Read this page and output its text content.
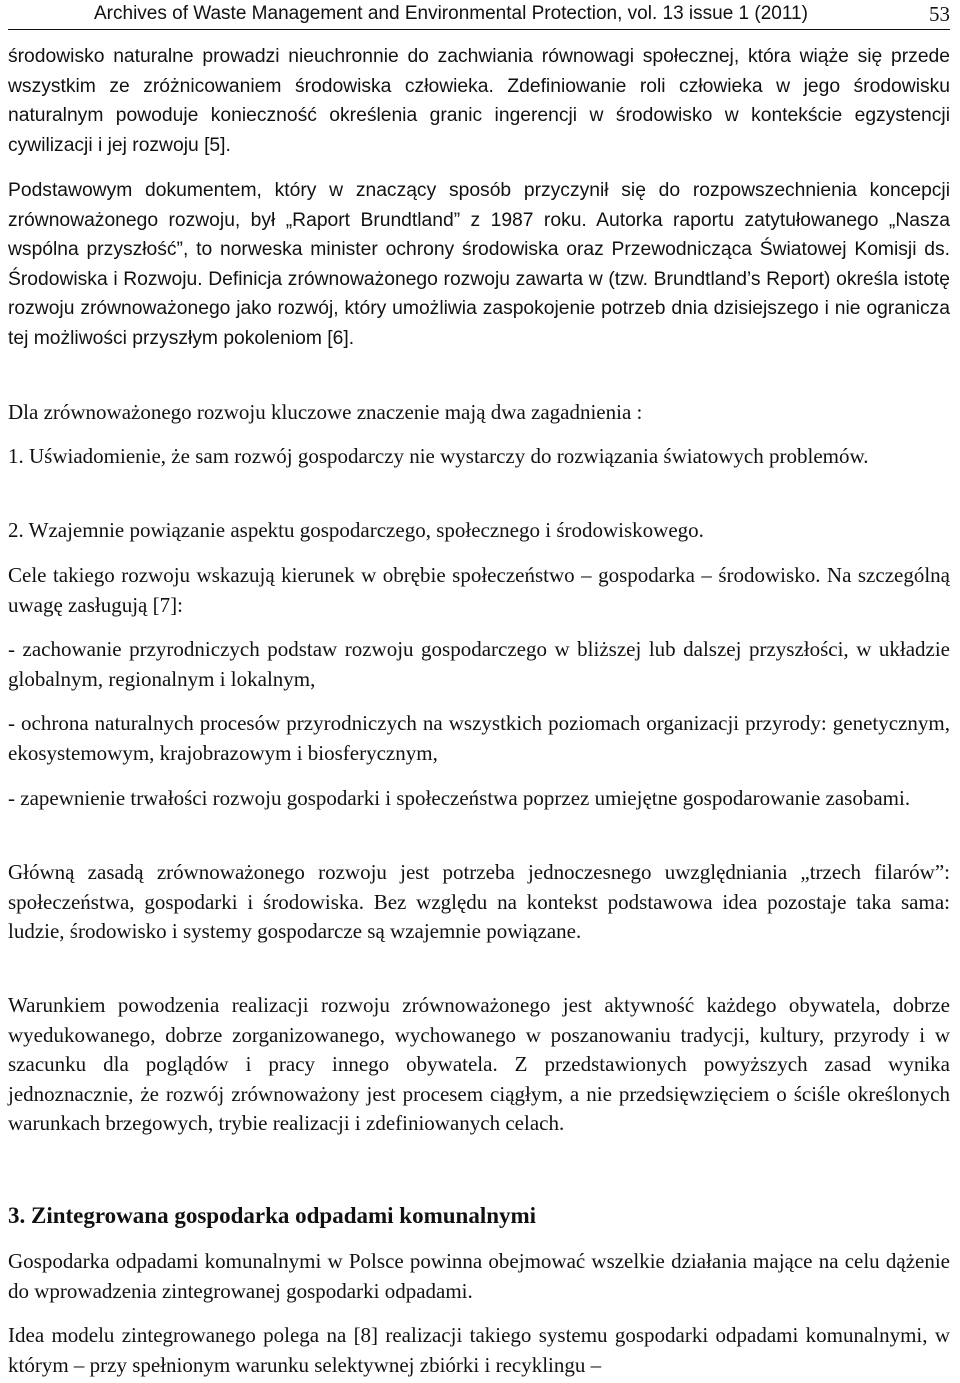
Archives of Waste Management and Environmental Protection, vol. 13 issue 1 (2011)	53

środowisko naturalne prowadzi nieuchronnie do zachwiania równowagi społecznej, która wiąże się przede wszystkim ze zróżnicowaniem środowiska człowieka. Zdefiniowanie roli człowieka w jego środowisku naturalnym powoduje konieczność określenia granic ingerencji w środowisko w kontekście egzystencji cywilizacji i jej rozwoju [5].

Podstawowym dokumentem, który w znaczący sposób przyczynił się do rozpowszechnienia koncepcji zrównoważonego rozwoju, był „Raport Brundtland” z 1987 roku. Autorka raportu zatytułowanego „Nasza wspólna przyszłość”, to norweska minister ochrony środowiska oraz Przewodnicząca Światowej Komisji ds. Środowiska i Rozwoju. Definicja zrównoważonego rozwoju zawarta w (tzw. Brundtland’s Report) określa istotę rozwoju zrównoważonego jako rozwój, który umożliwia zaspokojenie potrzeb dnia dzisiejszego i nie ogranicza tej możliwości przyszłym pokoleniom [6].

Dla zrównoważonego rozwoju kluczowe znaczenie mają dwa zagadnienia :

1. Uświadomienie, że sam rozwój gospodarczy nie wystarczy do rozwiązania światowych problemów.

2. Wzajemnie powiązanie aspektu gospodarczego, społecznego i środowiskowego.

Cele takiego rozwoju wskazują kierunek w obrębie społeczeństwo – gospodarka – środowisko. Na szczególną uwagę zasługują [7]:

- zachowanie przyrodniczych podstaw rozwoju gospodarczego w bliższej lub dalszej przyszłości, w układzie globalnym, regionalnym i lokalnym,

- ochrona naturalnych procesów przyrodniczych na wszystkich poziomach organizacji przyrody: genetycznym, ekosystemowym, krajobrazowym i biosferycznym,

- zapewnienie trwałości rozwoju gospodarki i społeczeństwa poprzez umiejętne gospodarowanie zasobami.

Główną zasadą zrównoważonego rozwoju jest potrzeba jednoczesnego uwzględniania „trzech filarów”: społeczeństwa, gospodarki i środowiska. Bez względu na kontekst podstawowa idea pozostaje taka sama: ludzie, środowisko i systemy gospodarcze są wzajemnie powiązane.

Warunkiem powodzenia realizacji rozwoju zrównoważonego jest aktywność każdego obywatela, dobrze wyedukowanego, dobrze zorganizowanego, wychowanego w poszanowaniu tradycji, kultury, przyrody i w szacunku dla poglądów i pracy innego obywatela. Z przedstawionych powyższych zasad wynika jednoznacznie, że rozwój zrównoważony jest procesem ciągłym, a nie przedsięwzięciem o ściśle określonych warunkach brzegowych, trybie realizacji i zdefiniowanych celach.

3. Zintegrowana gospodarka odpadami komunalnymi

Gospodarka odpadami komunalnymi w Polsce powinna obejmować wszelkie działania mające na celu dążenie do wprowadzenia zintegrowanej gospodarki odpadami.

Idea modelu zintegrowanego polega na [8] realizacji takiego systemu gospodarki odpadami komunalnymi, w którym – przy spełnionym warunku selektywnej zbiórki i recyklingu –
